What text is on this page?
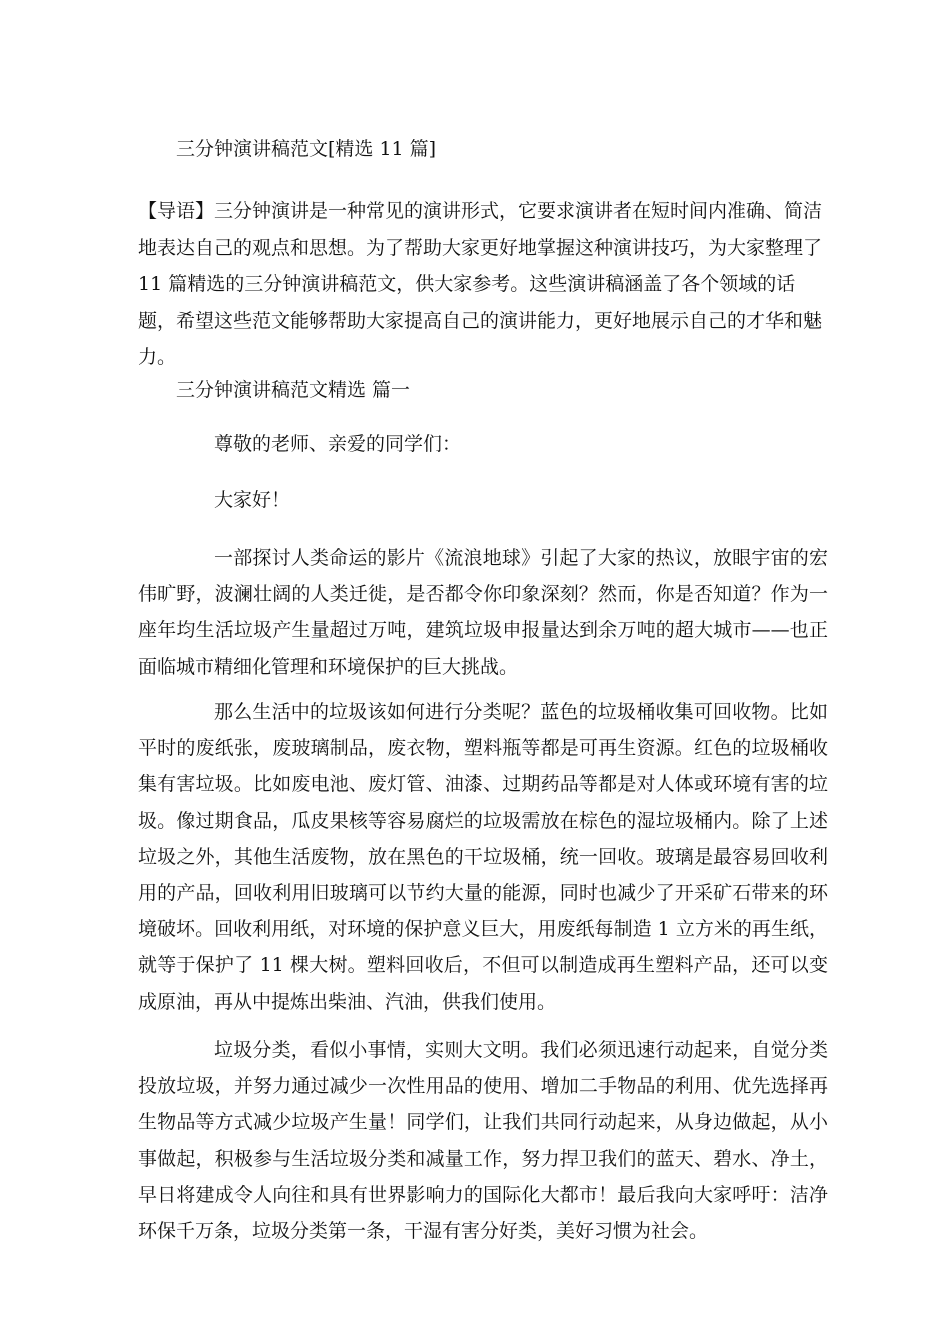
三分钟演讲稿范文[精选 11 篇]
【导语】三分钟演讲是一种常见的演讲形式，它要求演讲者在短时间内准确、简洁地表达自己的观点和思想。为了帮助大家更好地掌握这种演讲技巧，为大家整理了 11 篇精选的三分钟演讲稿范文，供大家参考。这些演讲稿涵盖了各个领域的话题，希望这些范文能够帮助大家提高自己的演讲能力，更好地展示自己的才华和魅力。
三分钟演讲稿范文精选 篇一
尊敬的老师、亲爱的同学们：
大家好！
一部探讨人类命运的影片《流浪地球》引起了大家的热议，放眼宇宙的宏伟旷野，波澜壮阔的人类迁徙，是否都令你印象深刻？然而，你是否知道？作为一座年均生活垃圾产生量超过万吨，建筑垃圾申报量达到余万吨的超大城市——也正面临城市精细化管理和环境保护的巨大挑战。
那么生活中的垃圾该如何进行分类呢？蓝色的垃圾桶收集可回收物。比如平时的废纸张，废玻璃制品，废衣物，塑料瓶等都是可再生资源。红色的垃圾桶收集有害垃圾。比如废电池、废灯管、油漆、过期药品等都是对人体或环境有害的垃圾。像过期食品，瓜皮果核等容易腐烂的垃圾需放在棕色的湿垃圾桶内。除了上述垃圾之外，其他生活废物，放在黑色的干垃圾桶，统一回收。玻璃是最容易回收利用的产品，回收利用旧玻璃可以节约大量的能源，同时也减少了开采矿石带来的环境破坏。回收利用纸，对环境的保护意义巨大，用废纸每制造 1 立方米的再生纸，就等于保护了 11 棵大树。塑料回收后，不但可以制造成再生塑料产品，还可以变成原油，再从中提炼出柴油、汽油，供我们使用。
垃圾分类，看似小事情，实则大文明。我们必须迅速行动起来，自觉分类投放垃圾，并努力通过减少一次性用品的使用、增加二手物品的利用、优先选择再生物品等方式减少垃圾产生量！同学们，让我们共同行动起来，从身边做起，从小事做起，积极参与生活垃圾分类和减量工作，努力捍卫我们的蓝天、碧水、净土，早日将建成令人向往和具有世界影响力的国际化大都市！最后我向大家呼吁：洁净环保千万条，垃圾分类第一条，干湿有害分好类，美好习惯为社会。
